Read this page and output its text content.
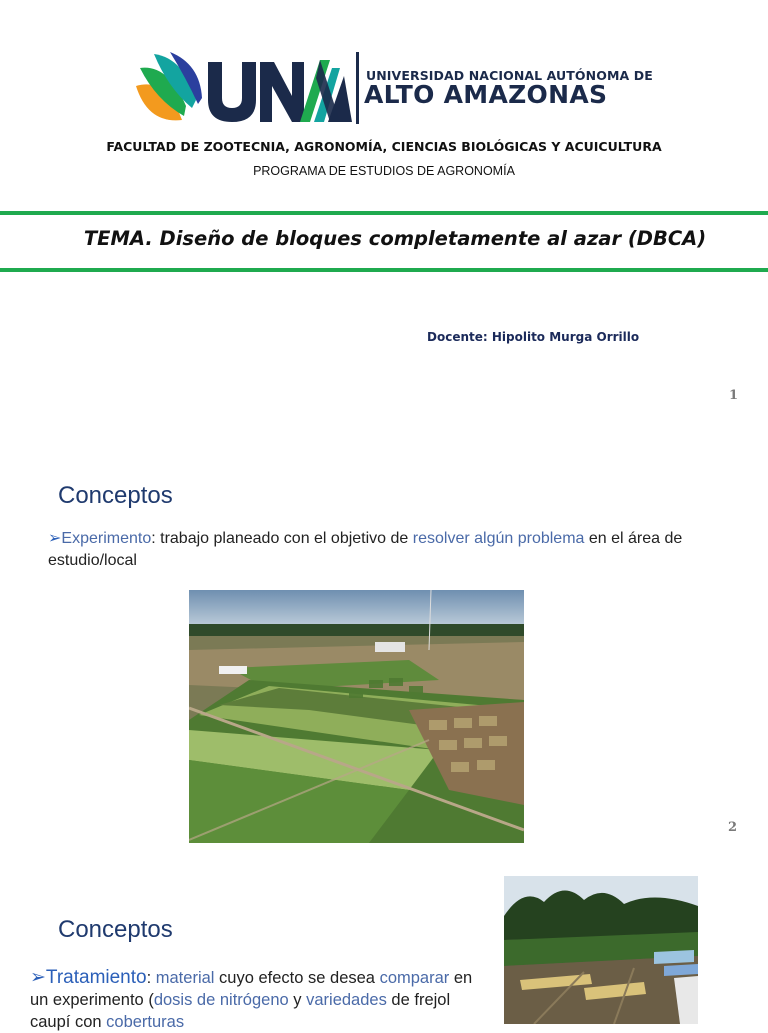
UNIVERSIDAD NACIONAL AUTÓNOMA DE
ALTO AMAZONAS
FACULTAD DE ZOOTECNIA, AGRONOMÍA, CIENCIAS BIOLÓGICAS Y ACUICULTURA
PROGRAMA DE ESTUDIOS DE AGRONOMÍA
TEMA. Diseño de bloques completamente al azar (DBCA)
Docente: Hipolito Murga Orrillo
1
Conceptos
➢Experimento: trabajo planeado con el objetivo de resolver algún problema en el área de estudio/local
2
Conceptos
➢Tratamiento: material cuyo efecto se desea comparar en un experimento (dosis de nitrógeno y variedades de frejol caupí con coberturas
